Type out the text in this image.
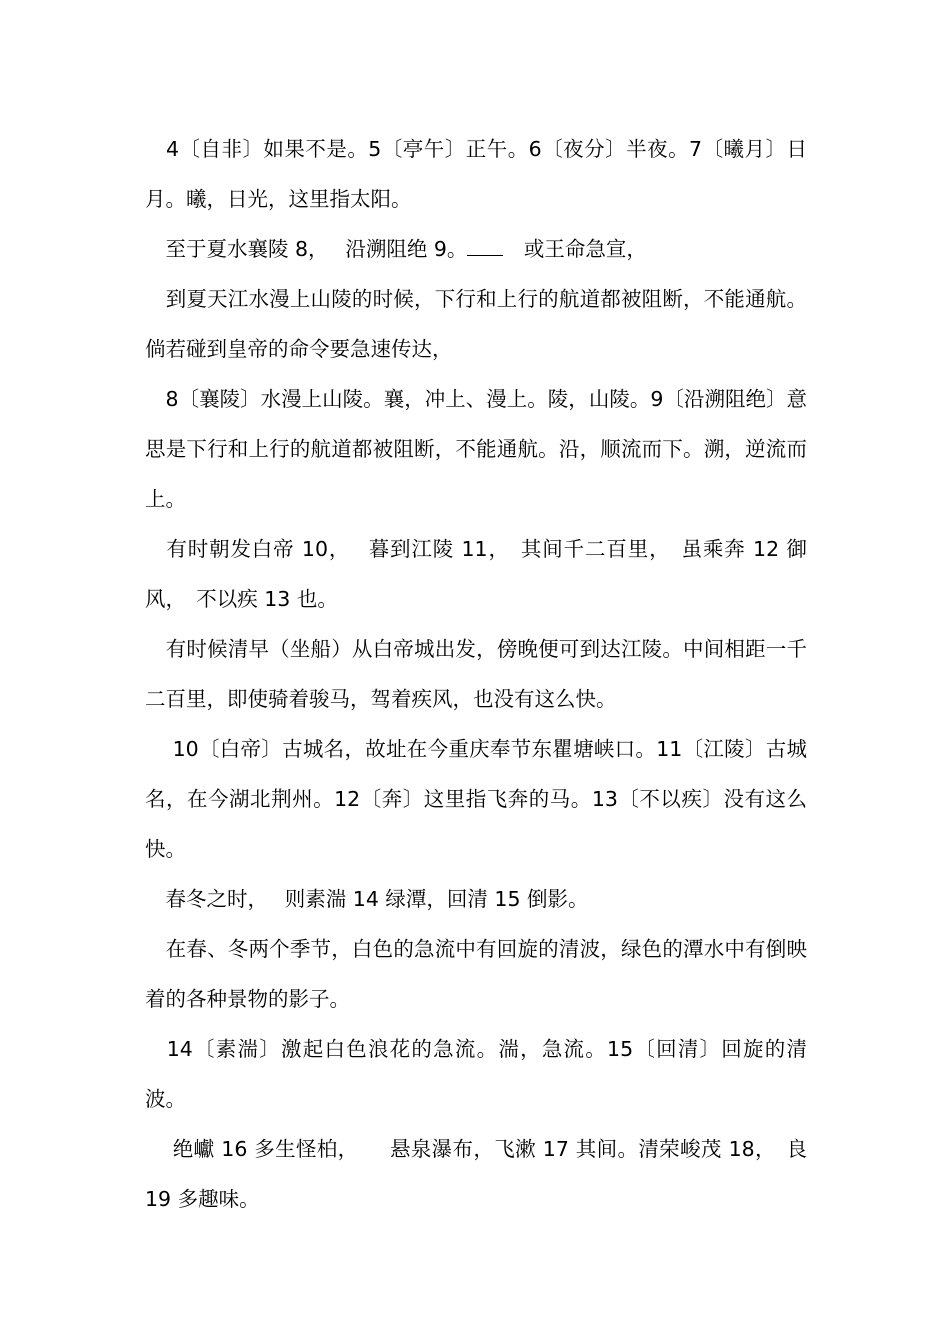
　4〔自非〕如果不是。5〔亭午〕正午。6〔夜分〕半夜。7〔曦月〕日月。曦，日光，这里指太阳。

　至于夏水襄陵 8，　 沿溯阻绝 9。　或王命急宣，

　到夏天江水漫上山陵的时候，下行和上行的航道都被阻断，不能通航。倘若碰到皇帝的命令要急速传达，

　8〔襄陵〕水漫上山陵。襄，冲上、漫上。陵，山陵。9〔沿溯阻绝〕意思是下行和上行的航道都被阻断，不能通航。沿，顺流而下。溯，逆流而上。

　有时朝发白帝 10，　 暮到江陵 11，　其间千二百里，　虽乘奔 12 御风，　不以疾 13 也。

　有时候清早（坐船）从白帝城出发，傍晚便可到达江陵。中间相距一千二百里，即使骑着骏马，驾着疾风，也没有这么快。

　 10〔白帝〕古城名，故址在今重庆奉节东瞿塘峡口。11〔江陵〕古城名，在今湖北荆州。12〔奔〕这里指飞奔的马。13〔不以疾〕没有这么快。

　春冬之时，　 则素湍 14 绿潭，回清 15 倒影。

　在春、冬两个季节，白色的急流中有回旋的清波，绿色的潭水中有倒映着的各种景物的影子。

　14〔素湍〕激起白色浪花的急流。湍，急流。15〔回清〕回旋的清波。

　 绝巘 16 多生怪柏，　　悬泉瀑布，飞漱 17 其间。清荣峻茂 18，　良 19 多趣味。
